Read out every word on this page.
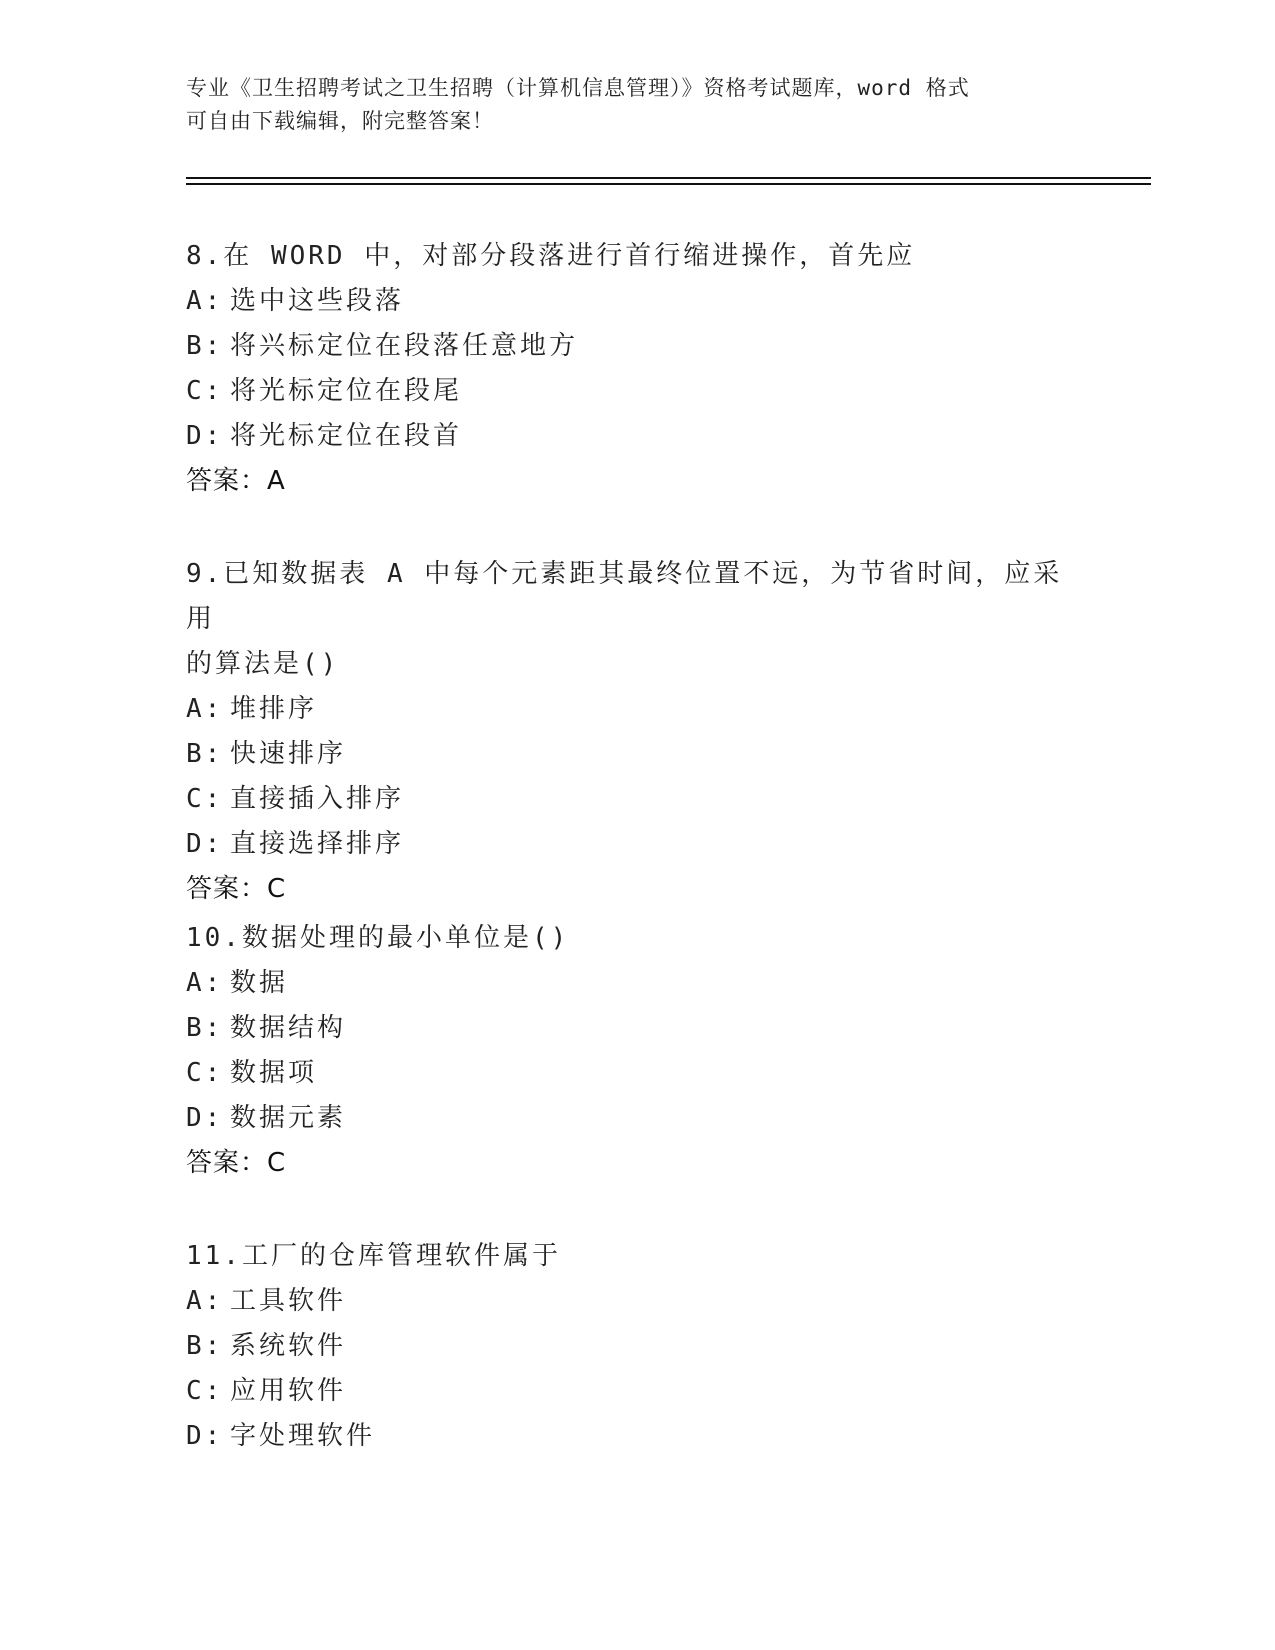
专业《卫生招聘考试之卫生招聘（计算机信息管理）》资格考试题库，word 格式
可自由下载编辑，附完整答案！
8.在 WORD 中，对部分段落进行首行缩进操作，首先应
A: 选中这些段落
B: 将兴标定位在段落任意地方
C: 将光标定位在段尾
D: 将光标定位在段首
答案：A
9.已知数据表 A 中每个元素距其最终位置不远，为节省时间，应采用
的算法是()
A: 堆排序
B: 快速排序
C: 直接插入排序
D: 直接选择排序
答案：C
10.数据处理的最小单位是()
A: 数据
B: 数据结构
C: 数据项
D: 数据元素
答案：C
11.工厂的仓库管理软件属于
A: 工具软件
B: 系统软件
C: 应用软件
D: 字处理软件
